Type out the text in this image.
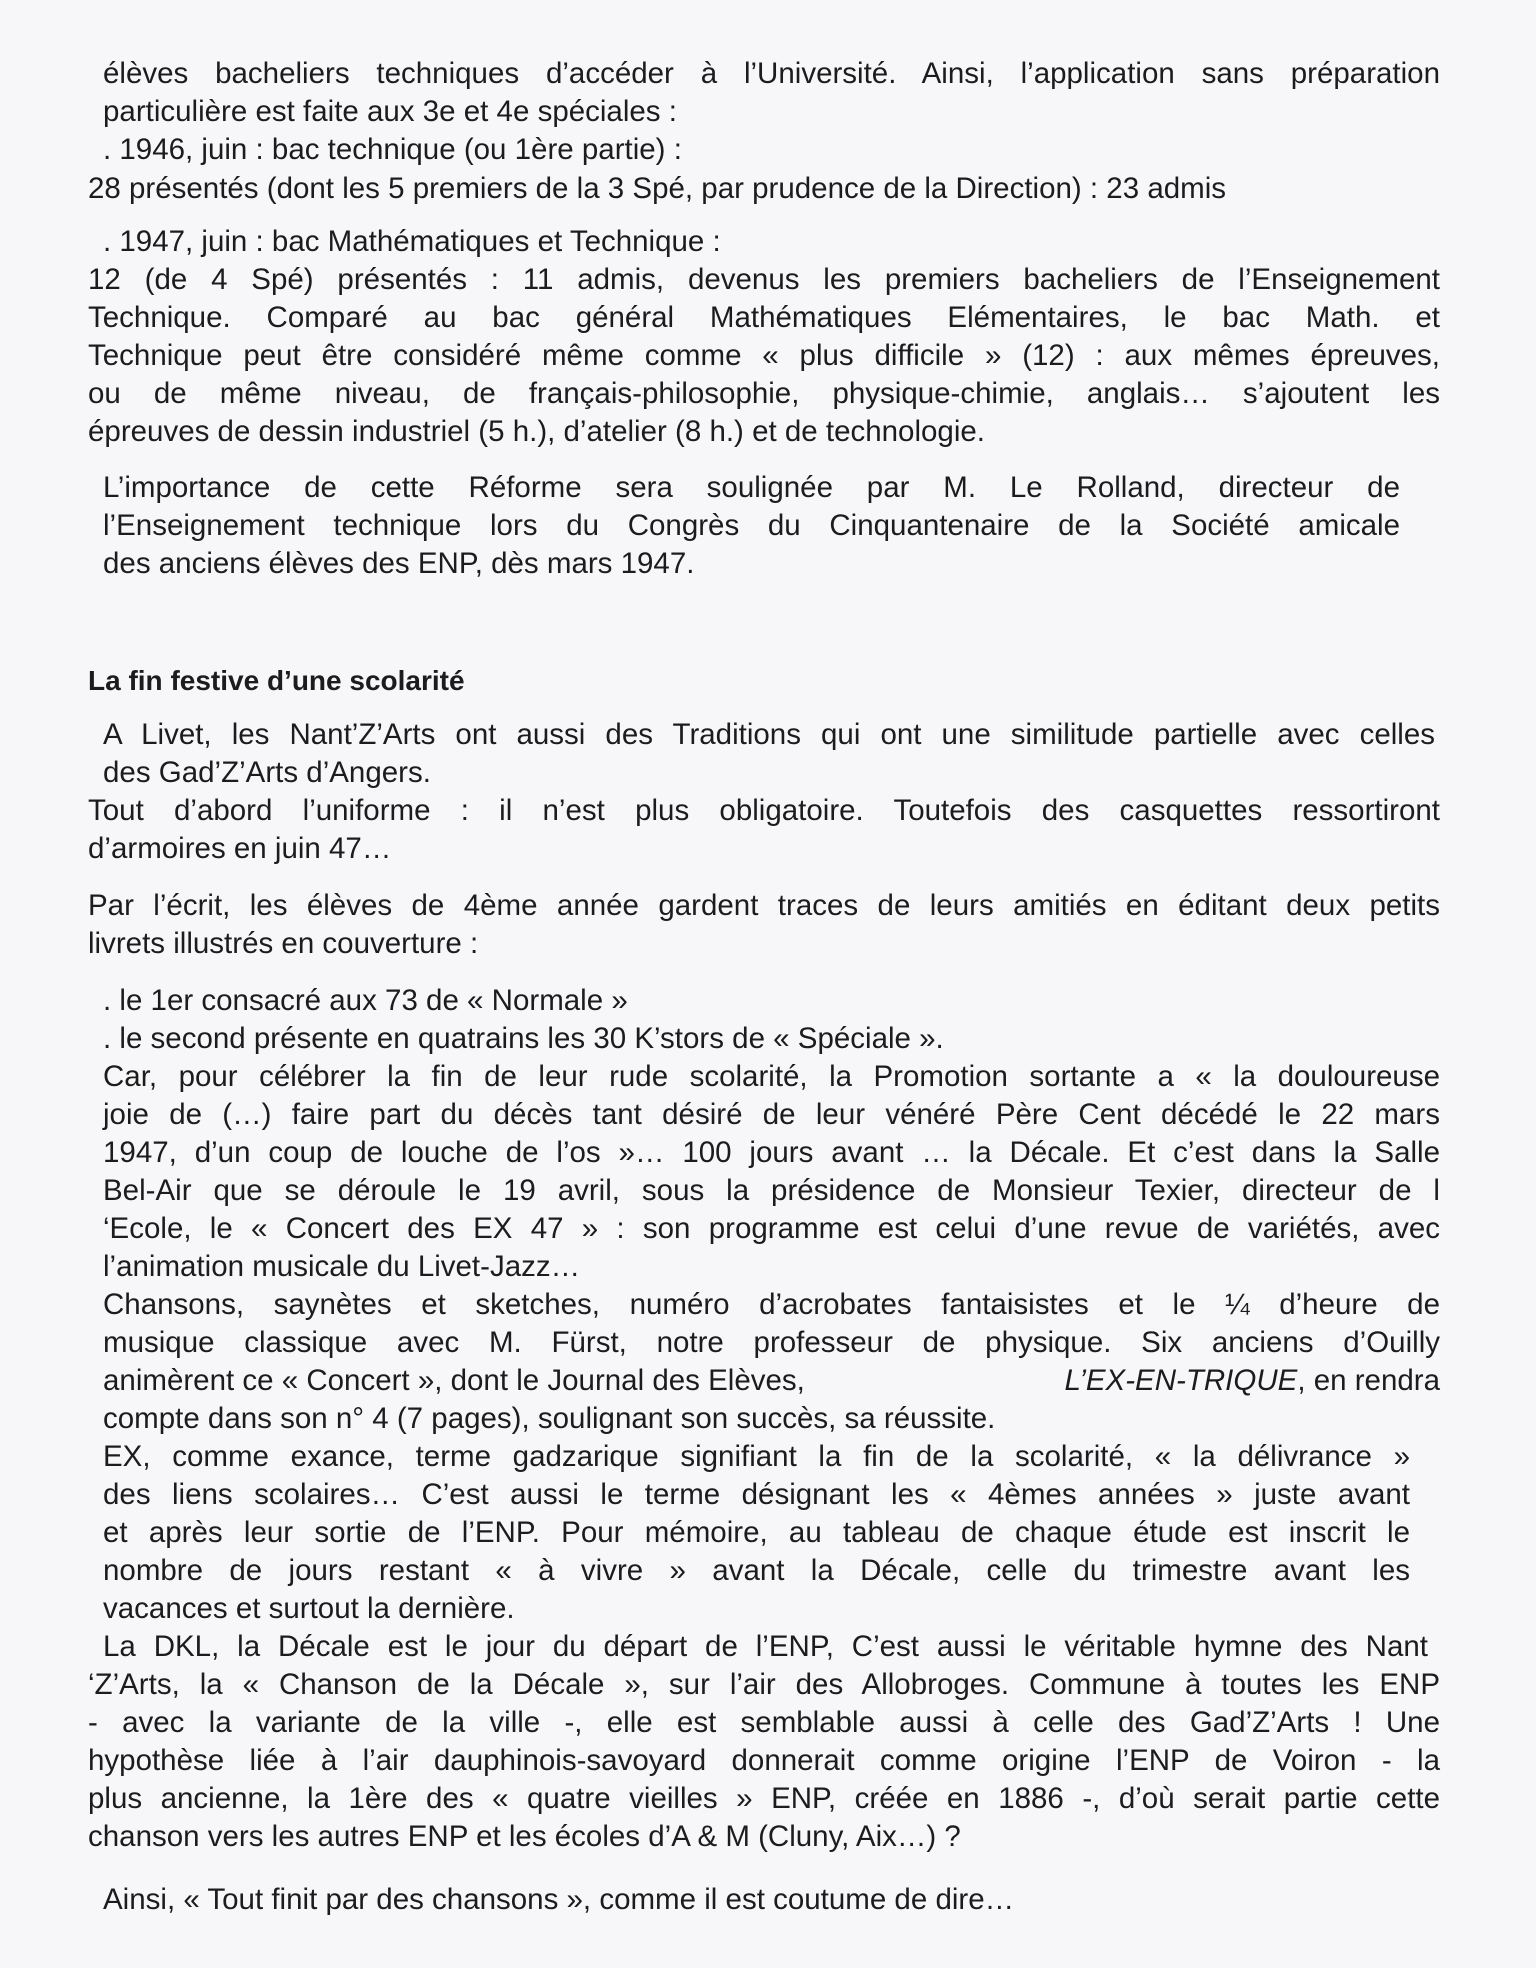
élèves bacheliers techniques d’accéder à l’Université. Ainsi, l’application sans préparation
particulière est faite aux 3e et 4e spéciales :
. 1946, juin : bac technique (ou 1ère partie) :
28 présentés (dont les 5 premiers de la 3 Spé, par prudence de la Direction) : 23 admis
. 1947, juin : bac Mathématiques et Technique :
12 (de 4 Spé) présentés : 11 admis, devenus les premiers bacheliers de l’Enseignement
Technique. Comparé au bac général Mathématiques Elémentaires, le bac Math. et
Technique peut être considéré même comme « plus difficile » (12) : aux mêmes épreuves,
ou de même niveau, de français-philosophie, physique-chimie, anglais… s’ajoutent les
épreuves de dessin industriel (5 h.), d’atelier (8 h.) et de technologie.
L’importance de cette Réforme sera soulignée par M. Le Rolland, directeur de
l’Enseignement technique lors du Congrès du Cinquantenaire de la Société amicale
des anciens élèves des ENP, dès mars 1947.
La fin festive d’une scolarité
A Livet, les Nant’Z’Arts ont aussi des Traditions qui ont une similitude partielle avec celles
des Gad’Z’Arts d’Angers.
Tout d’abord l’uniforme : il n’est plus obligatoire. Toutefois des casquettes ressortiront
d’armoires en juin 47…
Par l’écrit, les élèves de 4ème année gardent traces de leurs amitiés en éditant deux petits
livrets illustrés en couverture :
. le 1er consacré aux 73 de « Normale »
. le second présente en quatrains les 30 K’stors de « Spéciale ».
Car, pour célébrer la fin de leur rude scolarité, la Promotion sortante a « la douloureuse
joie de (…) faire part du décès tant désiré de leur vénéré Père Cent décédé le 22 mars
1947, d’un coup de louche de l’os »… 100 jours avant … la Décale. Et c’est dans la Salle
Bel-Air que se déroule le 19 avril, sous la présidence de Monsieur Texier, directeur de l
‘Ecole, le « Concert des EX 47 » : son programme est celui d’une revue de variétés, avec
l’animation musicale du Livet-Jazz…
Chansons, saynètes et sketches, numéro d’acrobates fantaisistes et le ¼ d’heure de
musique classique avec M. Fürst, notre professeur de physique. Six anciens d’Ouilly
animèrent ce « Concert », dont le Journal des Elèves,	L’EX-EN-TRIQUE, en rendra
compte dans son n° 4 (7 pages), soulignant son succès, sa réussite.
EX, comme exance, terme gadzarique signifiant la fin de la scolarité, « la délivrance »
des liens scolaires… C’est aussi le terme désignant les « 4èmes années » juste avant
et après leur sortie de l’ENP. Pour mémoire, au tableau de chaque étude est inscrit le
nombre de jours restant « à vivre » avant la Décale, celle du trimestre avant les
vacances et surtout la dernière.
La DKL, la Décale est le jour du départ de l’ENP, C’est aussi le véritable hymne des Nant
‘Z’Arts, la « Chanson de la Décale », sur l’air des Allobroges. Commune à toutes les ENP
- avec la variante de la ville -, elle est semblable aussi à celle des Gad’Z’Arts ! Une
hypothèse liée à l’air dauphinois-savoyard donnerait comme origine l’ENP de Voiron - la
plus ancienne, la 1ère des « quatre vieilles » ENP, créée en 1886 -, d’où serait partie cette
chanson vers les autres ENP et les écoles d’A & M (Cluny, Aix…) ?
Ainsi, « Tout finit par des chansons », comme il est coutume de dire…
